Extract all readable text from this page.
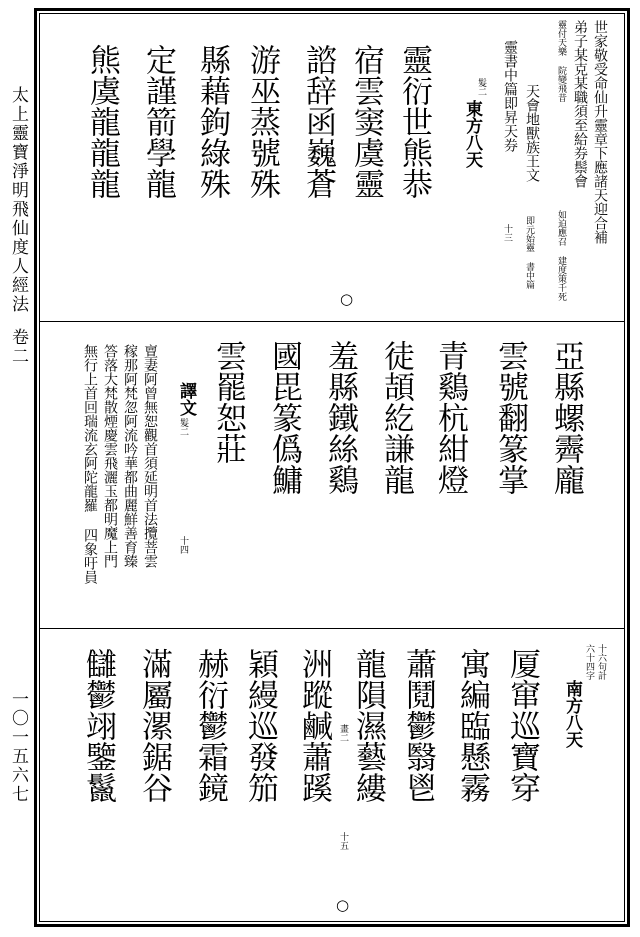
太上靈寶淨明飛仙度人經法
卷二
一〇一五六七
世家敬受命仙升靈章下應諸天迎合補
弟子某克某職須至給券鬃會
靈付天樂 院變飛昔
如迫應召 建度策千死
天會地獸族王文
即元始靈 書中篇
靈書中篇即昇天券
十三
髮二
東方八天
靈衍世熊恭
宿雲窦虞靈
諮辞函巍蒼
游巫蒸號殊
縣藉鉤綠殊
定謹箭學龍
熊虞龍龍龍
○
亞縣螺霽龐
雲號翻篆掌
青鷄杭紺燈
徒頡紇謙龍
羞縣鐵絲鷄
國毘篆僞鱅
雲罷恕莊
譯文
髮二
十四
亶妻阿曾無恕觀首須延明首法攬菩雲
稼那阿梵忽阿流吟華都曲麗鮮善育臻
答落大梵散煙慶雲飛灑玉都明魔上門
無行上首回瑞流玄阿陀龍羅 四象吁員
十六句計
六十四字
南方八天
厦窜巡寶穿
寓編臨懸霧
蕭鬩鬱翳鬯
龍隕濕藝縷
洲蹤鹹蕭蹊
穎縵巡發笳
赫衍鬱霜鏡
滿屬漯鋸谷
讎鬱翊鑒鬣	畫二
十五
○
